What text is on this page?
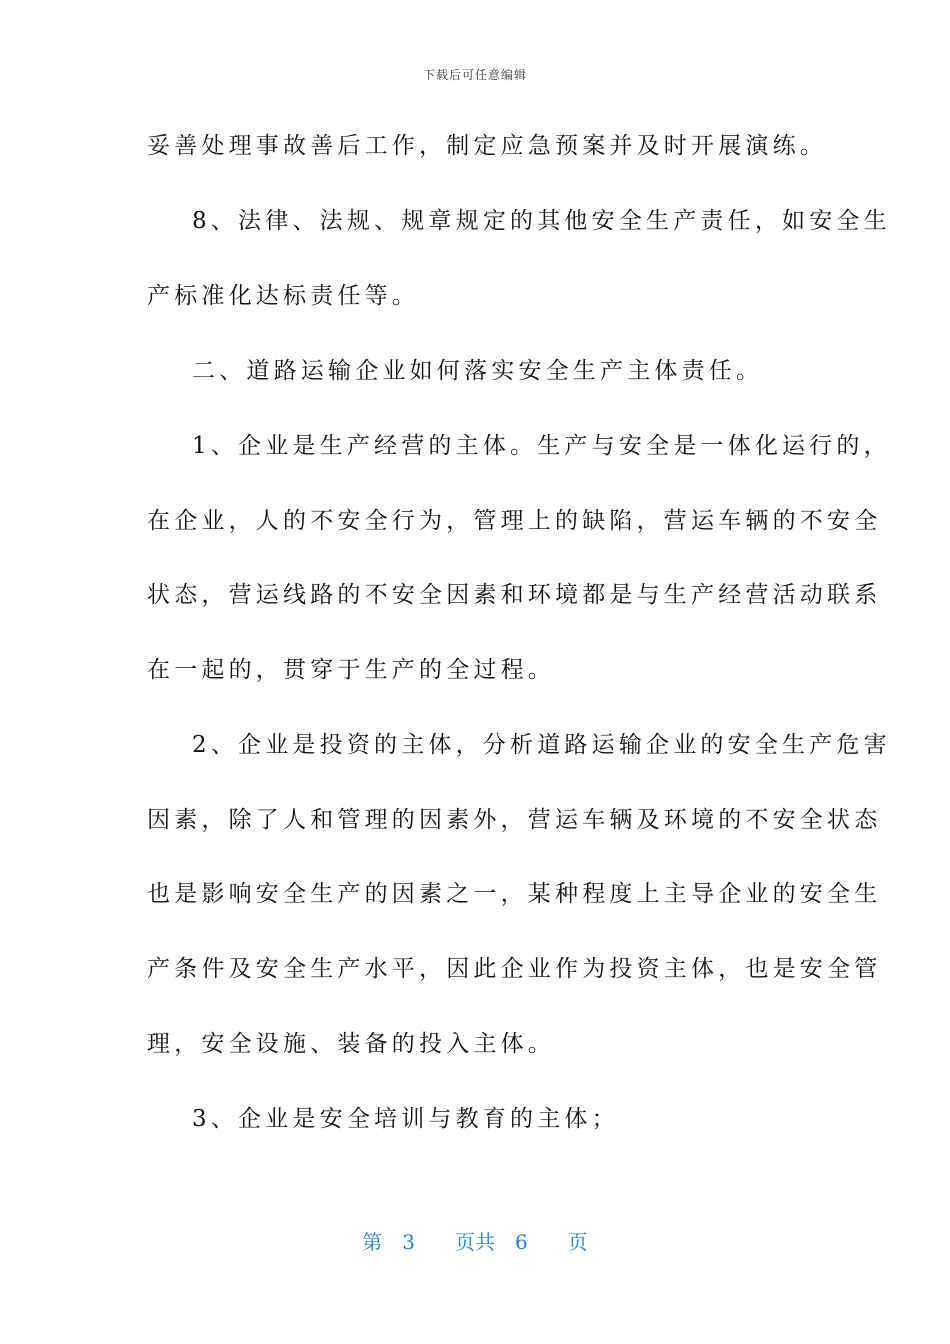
下载后可任意编辑
妥善处理事故善后工作，制定应急预案并及时开展演练。
8、法律、法规、规章规定的其他安全生产责任，如安全生
产标准化达标责任等。
二、道路运输企业如何落实安全生产主体责任。
1、企业是生产经营的主体。生产与安全是一体化运行的，
在企业，人的不安全行为，管理上的缺陷，营运车辆的不安全
状态，营运线路的不安全因素和环境都是与生产经营活动联系
在一起的，贯穿于生产的全过程。
2、企业是投资的主体，分析道路运输企业的安全生产危害
因素，除了人和管理的因素外，营运车辆及环境的不安全状态
也是影响安全生产的因素之一，某种程度上主导企业的安全生
产条件及安全生产水平，因此企业作为投资主体，也是安全管
理，安全设施、装备的投入主体。
3、企业是安全培训与教育的主体；
第 3 页共 6 页
